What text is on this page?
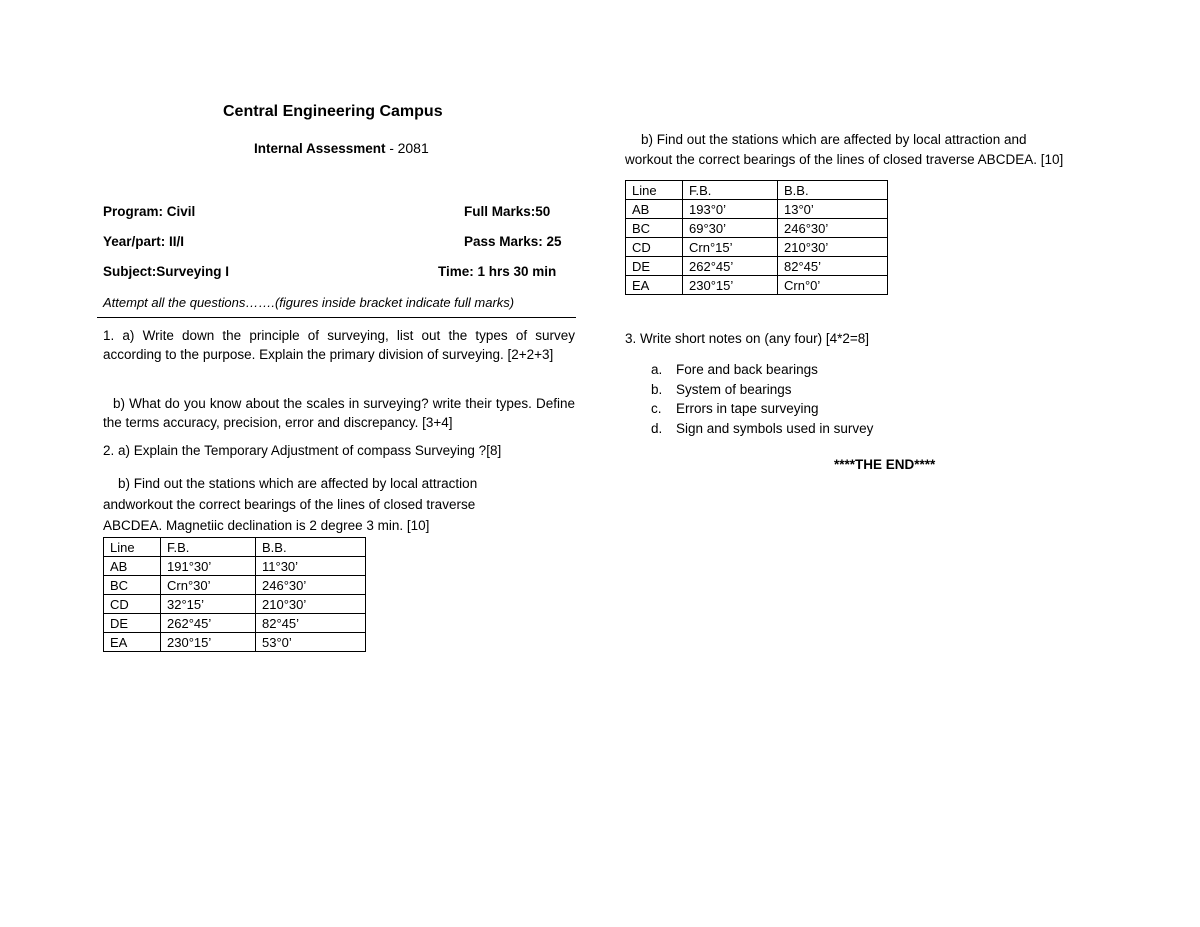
Central Engineering Campus
Internal Assessment - 2081
Program: Civil	Full Marks:50
Year/part: II/I	Pass Marks: 25
Subject:Surveying I	Time: 1 hrs 30 min
Attempt all the questions…….(figures inside bracket indicate full marks)
1. a) Write down the principle of surveying, list out the types of survey according to the purpose. Explain the primary division of surveying. [2+2+3]
b) What do you know about the scales in surveying? write their types. Define the terms accuracy, precision, error and discrepancy. [3+4]
2. a) Explain the Temporary Adjustment of compass Surveying ?[8]
b) Find out the stations which are affected by local attraction
andworkout the correct bearings of the lines of closed traverse
ABCDEA. Magnetiic declination is 2 degree 3 min. [10]
Line	F.B.	B.B.
AB	191°30’	11°30’
BC	Crn°30’	246°30’
CD	32°15’	210°30’
DE	262°45’	82°45’
EA	230°15’	53°0’
b) Find out the stations which are affected by local attraction and
workout the correct bearings of the lines of closed traverse ABCDEA. [10]
Line	F.B.	B.B.
AB	193°0’	13°0’
BC	69°30’	246°30’
CD	Crn°15’	210°30’
DE	262°45’	82°45’
EA	230°15’	Crn°0’
3. Write short notes on (any four) [4*2=8]
a. Fore and back bearings
b. System of bearings
c. Errors in tape surveying
d. Sign and symbols used in survey
****THE END****
